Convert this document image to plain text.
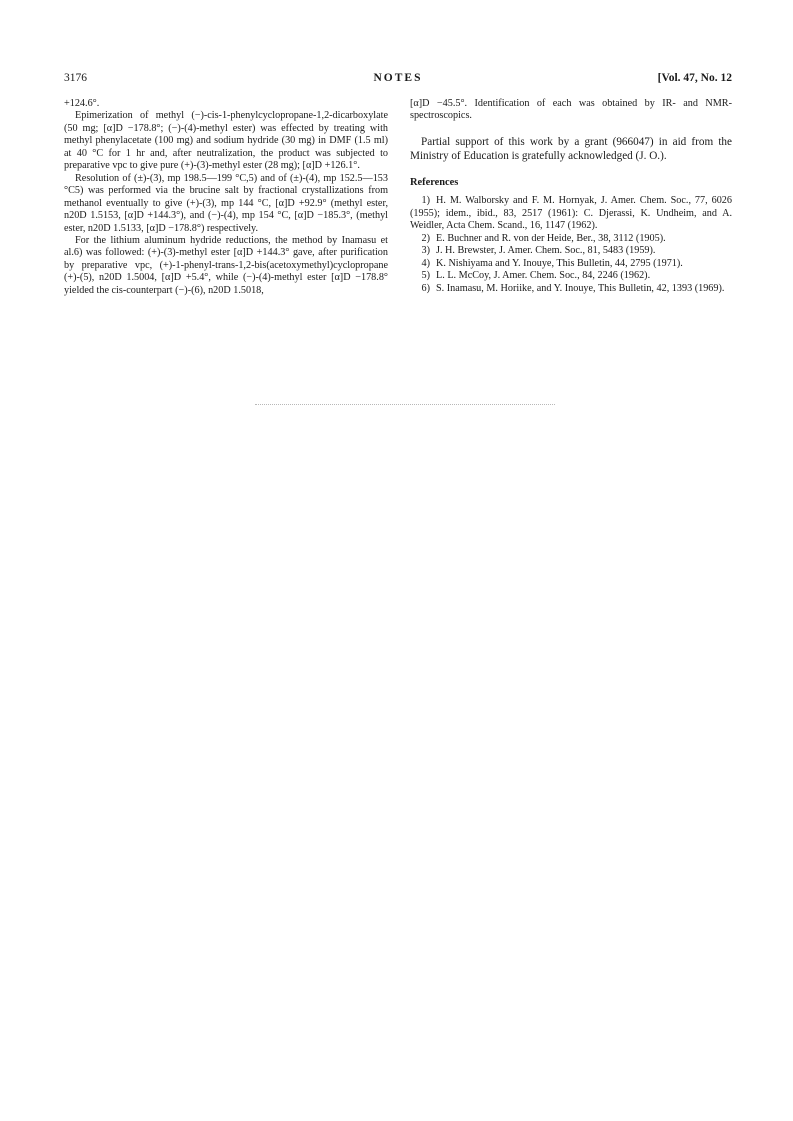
3176	NOTES	[Vol. 47, No. 12

+124.6°.

Epimerization of methyl (−)-cis-1-phenylcyclopropane-1,2-dicarboxylate (50 mg; [α]D −178.8°; (−)-(4)-methyl ester) was effected by treating with methyl phenylacetate (100 mg) and sodium hydride (30 mg) in DMF (1.5 ml) at 40 °C for 1 hr and, after neutralization, the product was subjected to preparative vpc to give pure (+)-(3)-methyl ester (28 mg); [α]D +126.1°.

Resolution of (±)-(3), mp 198.5—199 °C,5) and of (±)-(4), mp 152.5—153 °C5) was performed via the brucine salt by fractional crystallizations from methanol eventually to give (+)-(3), mp 144 °C, [α]D +92.9° (methyl ester, n20D 1.5153, [α]D +144.3°), and (−)-(4), mp 154 °C, [α]D −185.3°, (methyl ester, n20D 1.5133, [α]D −178.8°) respectively.

For the lithium aluminum hydride reductions, the method by Inamasu et al.6) was followed: (+)-(3)-methyl ester [α]D +144.3° gave, after purification by preparative vpc, (+)-1-phenyl-trans-1,2-bis(acetoxymethyl)cyclopropane (+)-(5), n20D 1.5004, [α]D +5.4°, while (−)-(4)-methyl ester [α]D −178.8° yielded the cis-counterpart (−)-(6), n20D 1.5018,

[α]D −45.5°. Identification of each was obtained by IR- and NMR- spectroscopics.

Partial support of this work by a grant (966047) in aid from the Ministry of Education is gratefully acknowledged (J. O.).

References

1) H. M. Walborsky and F. M. Hornyak, J. Amer. Chem. Soc., 77, 6026 (1955); idem., ibid., 83, 2517 (1961): C. Djerassi, K. Undheim, and A. Weidler, Acta Chem. Scand., 16, 1147 (1962).

2) E. Buchner and R. von der Heide, Ber., 38, 3112 (1905).

3) J. H. Brewster, J. Amer. Chem. Soc., 81, 5483 (1959).

4) K. Nishiyama and Y. Inouye, This Bulletin, 44, 2795 (1971).

5) L. L. McCoy, J. Amer. Chem. Soc., 84, 2246 (1962).

6) S. Inamasu, M. Horiike, and Y. Inouye, This Bulletin, 42, 1393 (1969).
